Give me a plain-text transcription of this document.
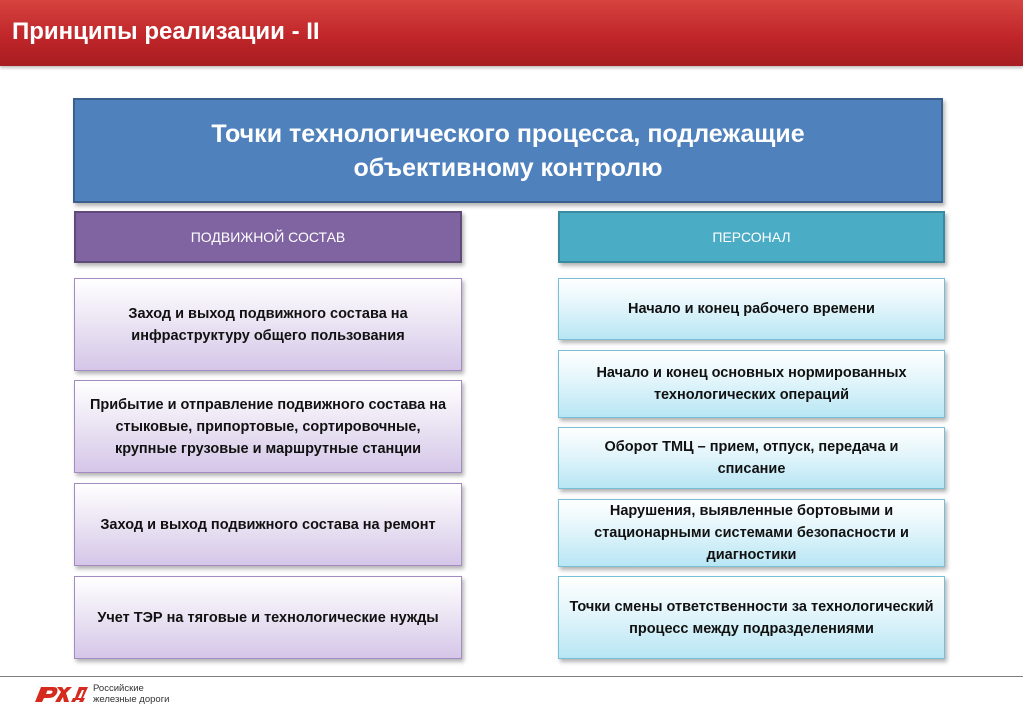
Принципы реализации - II
Точки технологического процесса, подлежащие объективному контролю
ПОДВИЖНОЙ СОСТАВ	ПЕРСОНАЛ
Заход и выход подвижного состава на инфраструктуру общего пользования
Прибытие и отправление подвижного состава на стыковые, припортовые, сортировочные, крупные грузовые и маршрутные станции
Заход и выход подвижного состава на ремонт
Учет ТЭР на тяговые и технологические нужды
Начало и конец рабочего времени
Начало и конец основных нормированных технологических операций
Оборот ТМЦ – прием, отпуск, передача и списание
Нарушения, выявленные бортовыми и стационарными системами безопасности и диагностики
Точки смены ответственности за технологический процесс между подразделениями
Российские
железные дороги
